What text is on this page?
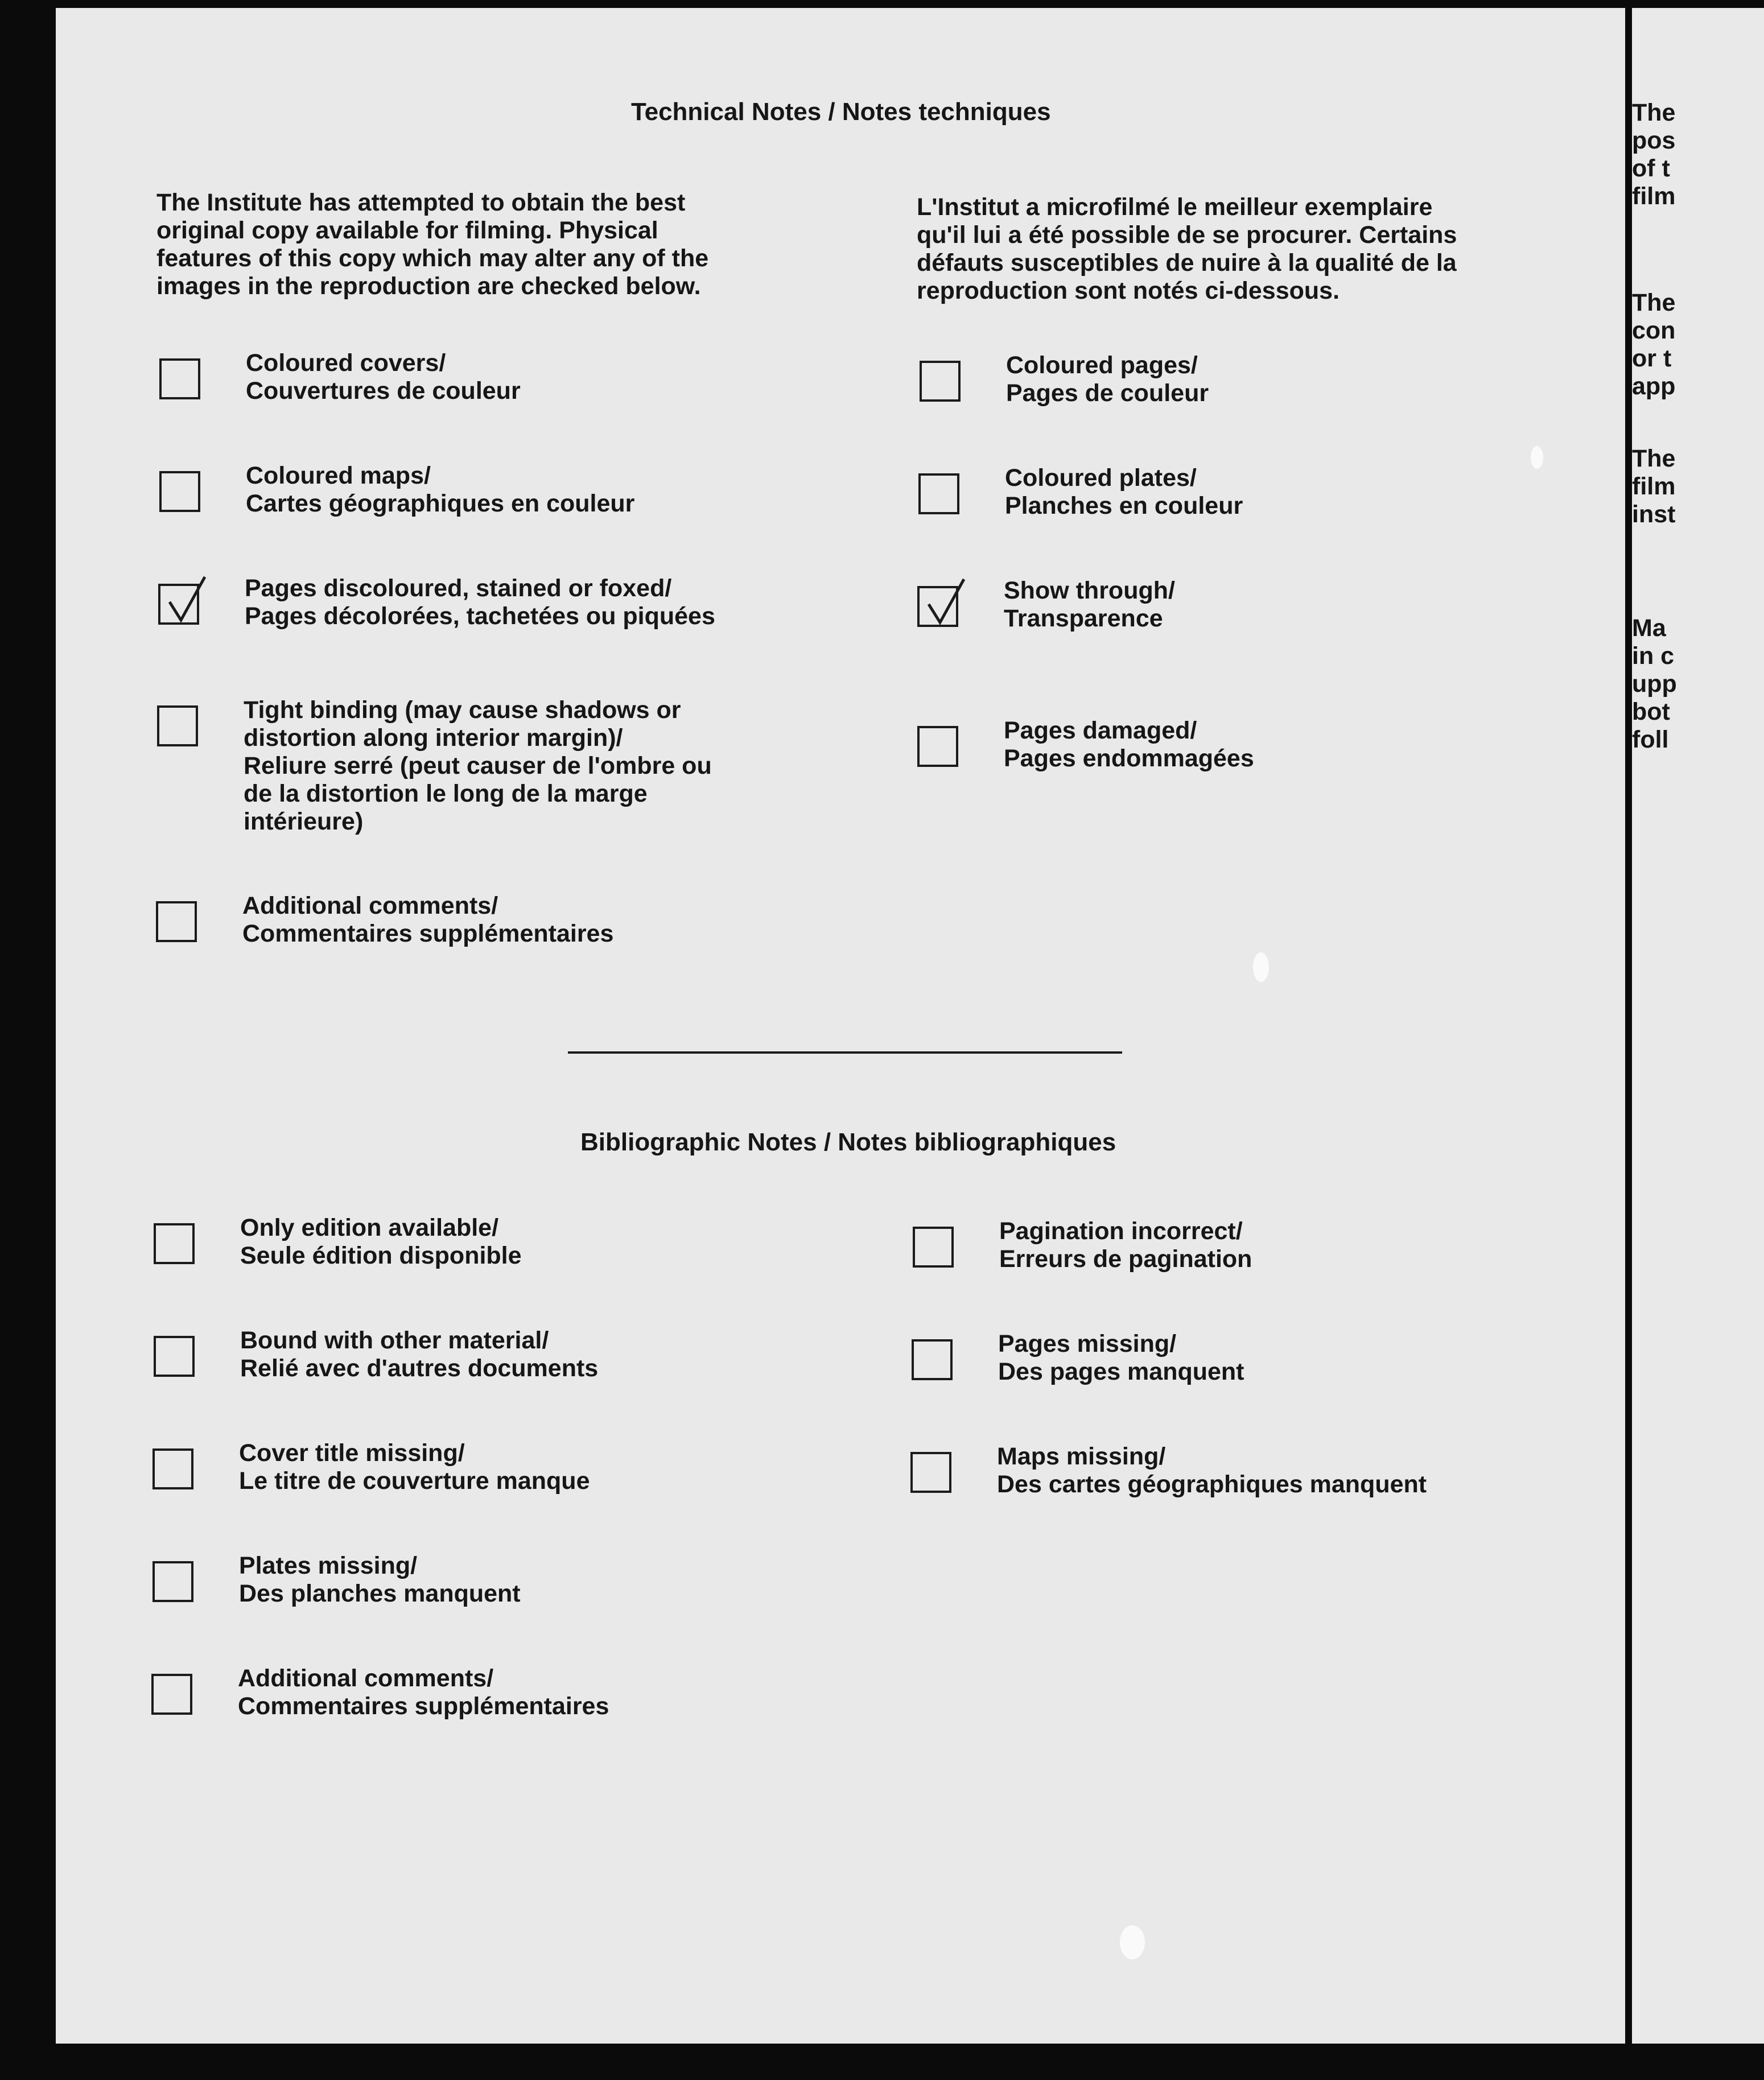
Technical Notes / Notes techniques
The Institute has attempted to obtain the best
original copy available for filming. Physical
features of this copy which may alter any of the
images in the reproduction are checked below.
L'Institut a microfilmé le meilleur exemplaire
qu'il lui a été possible de se procurer. Certains
défauts susceptibles de nuire à la qualité de la
reproduction sont notés ci-dessous.
Coloured covers/
Couvertures de couleur
Coloured maps/
Cartes géographiques en couleur
Pages discoloured, stained or foxed/
Pages décolorées, tachetées ou piquées
Tight binding (may cause shadows or
distortion along interior margin)/
Reliure serré (peut causer de l'ombre ou
de la distortion le long de la marge
intérieure)
Additional comments/
Commentaires supplémentaires
Coloured pages/
Pages de couleur
Coloured plates/
Planches en couleur
Show through/
Transparence
Pages damaged/
Pages endommagées
Bibliographic Notes / Notes bibliographiques
Only edition available/
Seule édition disponible
Bound with other material/
Relié avec d'autres documents
Cover title missing/
Le titre de couverture manque
Plates missing/
Des planches manquent
Additional comments/
Commentaires supplémentaires
Pagination incorrect/
Erreurs de pagination
Pages missing/
Des pages manquent
Maps missing/
Des cartes géographiques manquent
The
pos
of t
film
The
con
or t
app
The
film
inst
Ma
in c
upp
bot
foll
